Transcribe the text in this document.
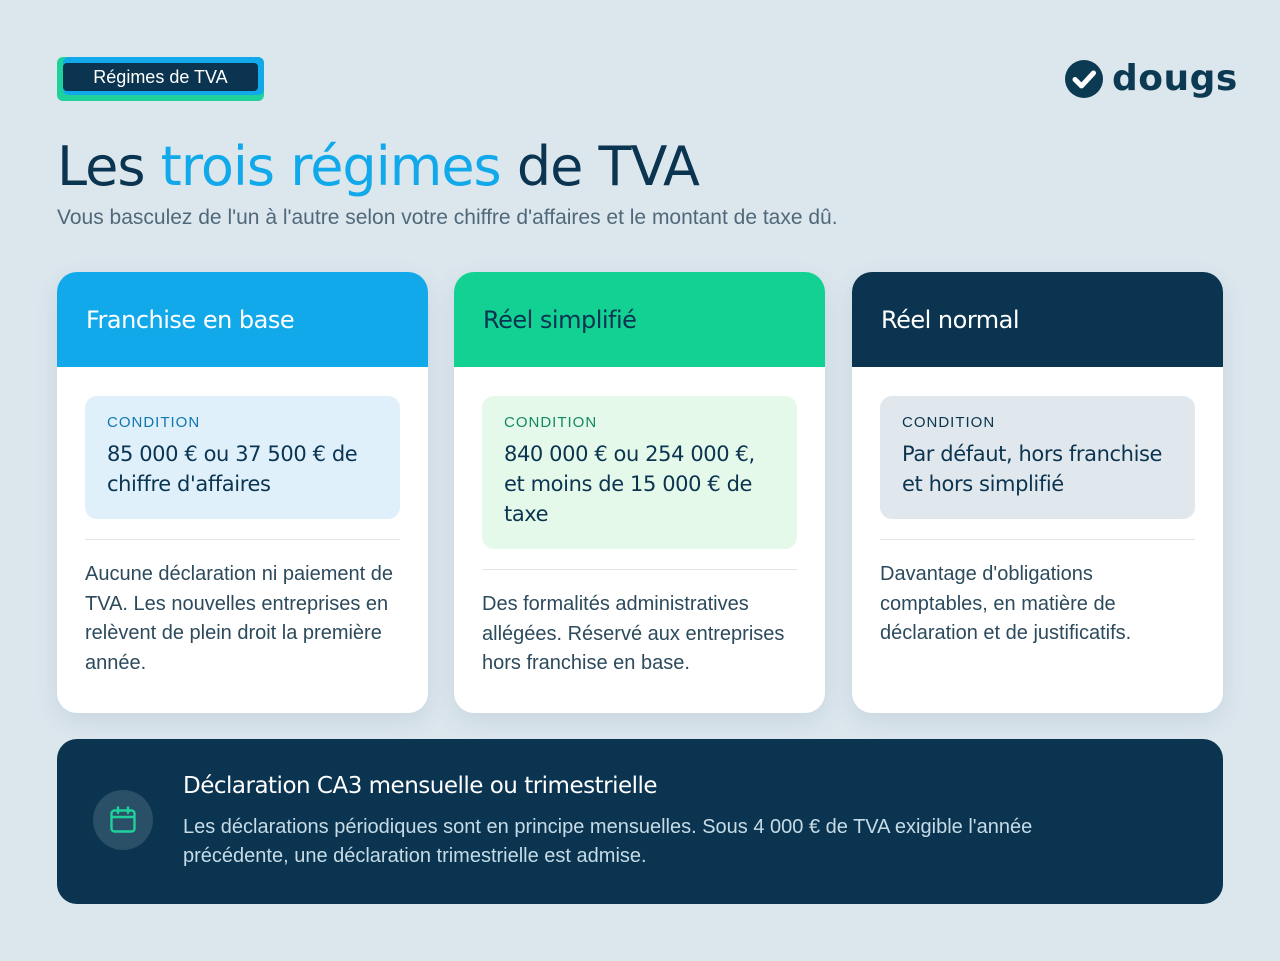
Régimes de TVA	dougs
Les trois régimes de TVA
Vous basculez de l'un à l'autre selon votre chiffre d'affaires et le montant de taxe dû.
Franchise en base
CONDITION
85 000 € ou 37 500 € de chiffre d'affaires
Aucune déclaration ni paiement de TVA. Les nouvelles entreprises en relèvent de plein droit la première année.
Réel simplifié
CONDITION
840 000 € ou 254 000 €, et moins de 15 000 € de taxe
Des formalités administratives allégées. Réservé aux entreprises hors franchise en base.
Réel normal
CONDITION
Par défaut, hors franchise et hors simplifié
Davantage d'obligations comptables, en matière de déclaration et de justificatifs.
Déclaration CA3 mensuelle ou trimestrielle
Les déclarations périodiques sont en principe mensuelles. Sous 4 000 € de TVA exigible l'année précédente, une déclaration trimestrielle est admise.
